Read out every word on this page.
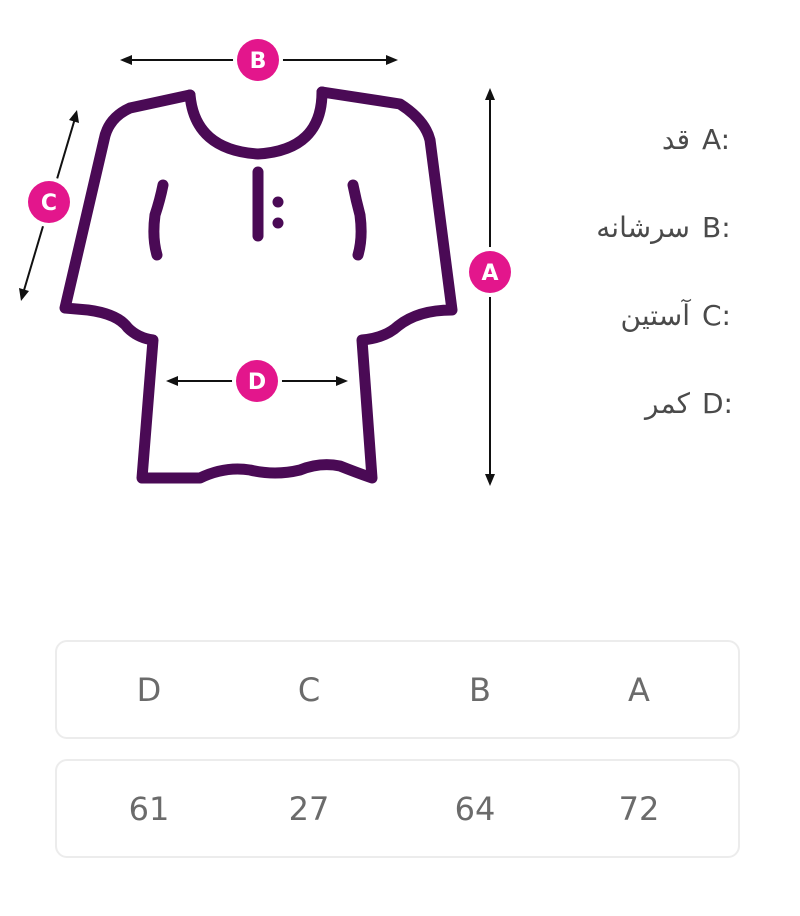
B
A
C
D
قد A:
سرشانه B:
آستین C:
کمر D:
D	C	B	A
61	27	64	72
